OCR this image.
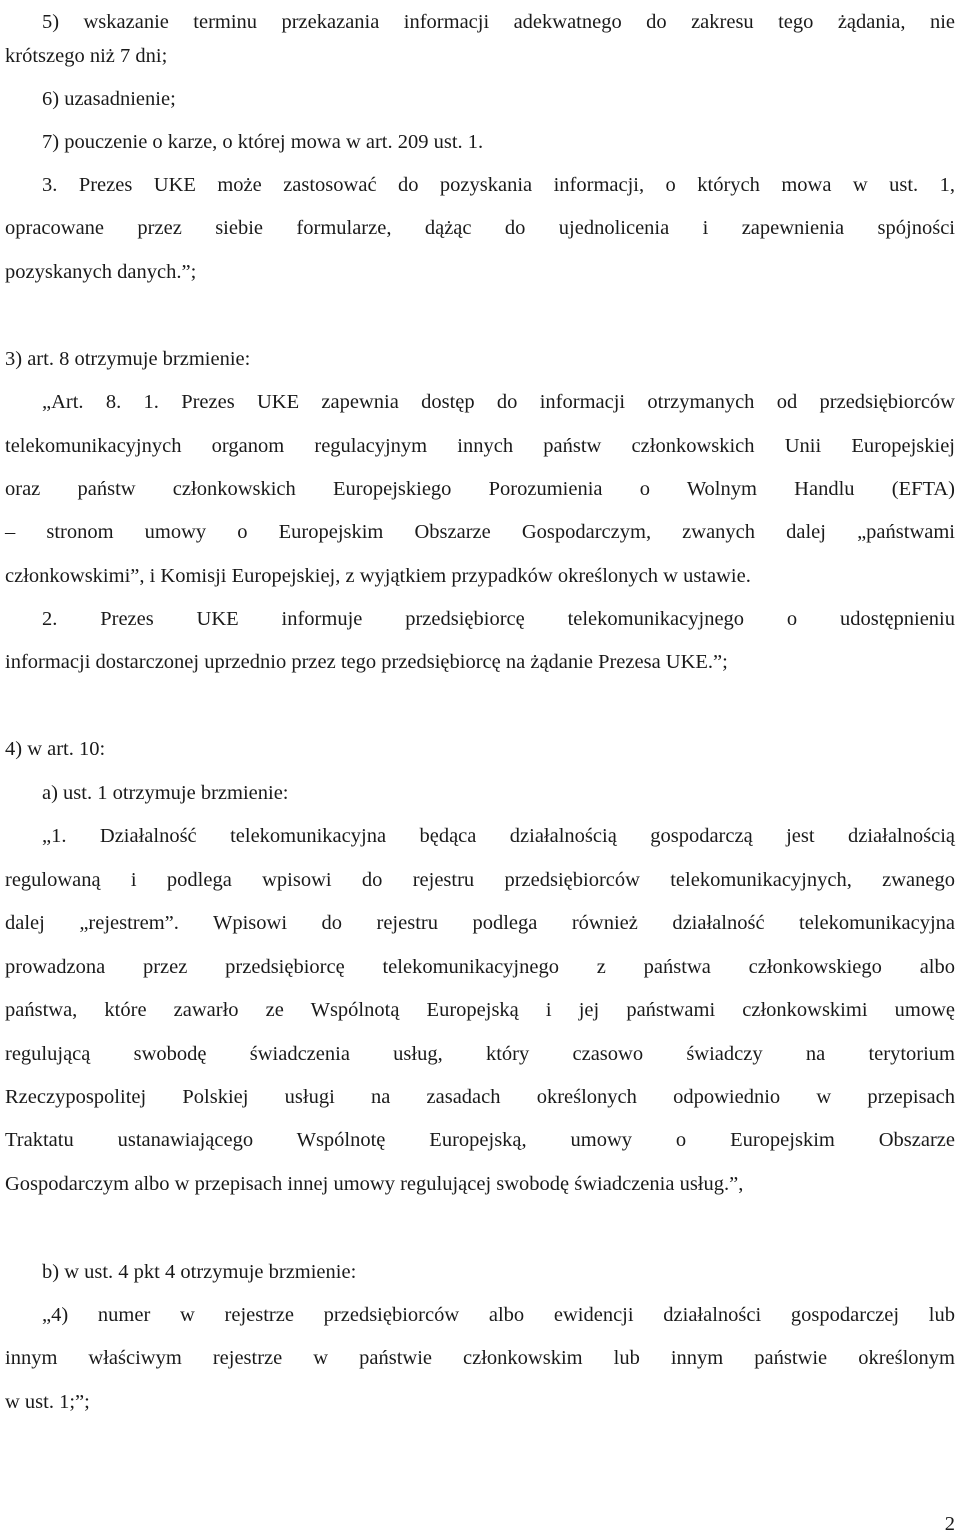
5) wskazanie terminu przekazania informacji adekwatnego do zakresu tego żądania, nie

krótszego niż 7 dni;

6) uzasadnienie;

7) pouczenie o karze, o której mowa w art. 209 ust. 1.

3. Prezes UKE może zastosować do pozyskania informacji, o których mowa w ust. 1,

opracowane przez siebie formularze, dążąc do ujednolicenia i zapewnienia spójności

pozyskanych danych.”;

3) art. 8 otrzymuje brzmienie:

„Art. 8. 1. Prezes UKE zapewnia dostęp do informacji otrzymanych od przedsiębiorców

telekomunikacyjnych organom regulacyjnym innych państw członkowskich Unii Europejskiej

oraz państw członkowskich Europejskiego Porozumienia o Wolnym Handlu (EFTA)

– stronom umowy o Europejskim Obszarze Gospodarczym, zwanych dalej „państwami

członkowskimi”, i Komisji Europejskiej, z wyjątkiem przypadków określonych w ustawie.

2. Prezes UKE informuje przedsiębiorcę telekomunikacyjnego o udostępnieniu

informacji dostarczonej uprzednio przez tego przedsiębiorcę na żądanie Prezesa UKE.”;

4) w art. 10:

a) ust. 1 otrzymuje brzmienie:

„1. Działalność telekomunikacyjna będąca działalnością gospodarczą jest działalnością

regulowaną i podlega wpisowi do rejestru przedsiębiorców telekomunikacyjnych, zwanego

dalej „rejestrem”. Wpisowi do rejestru podlega również działalność telekomunikacyjna

prowadzona przez przedsiębiorcę telekomunikacyjnego z państwa członkowskiego albo

państwa, które zawarło ze Wspólnotą Europejską i jej państwami członkowskimi umowę

regulującą swobodę świadczenia usług, który czasowo świadczy na terytorium

Rzeczypospolitej Polskiej usługi na zasadach określonych odpowiednio w przepisach

Traktatu ustanawiającego Wspólnotę Europejską, umowy o Europejskim Obszarze

Gospodarczym albo w przepisach innej umowy regulującej swobodę świadczenia usług.”,

b) w ust. 4 pkt 4 otrzymuje brzmienie:

„4) numer w rejestrze przedsiębiorców albo ewidencji działalności gospodarczej lub

innym właściwym rejestrze w państwie członkowskim lub innym państwie określonym

w ust. 1;”;

2
